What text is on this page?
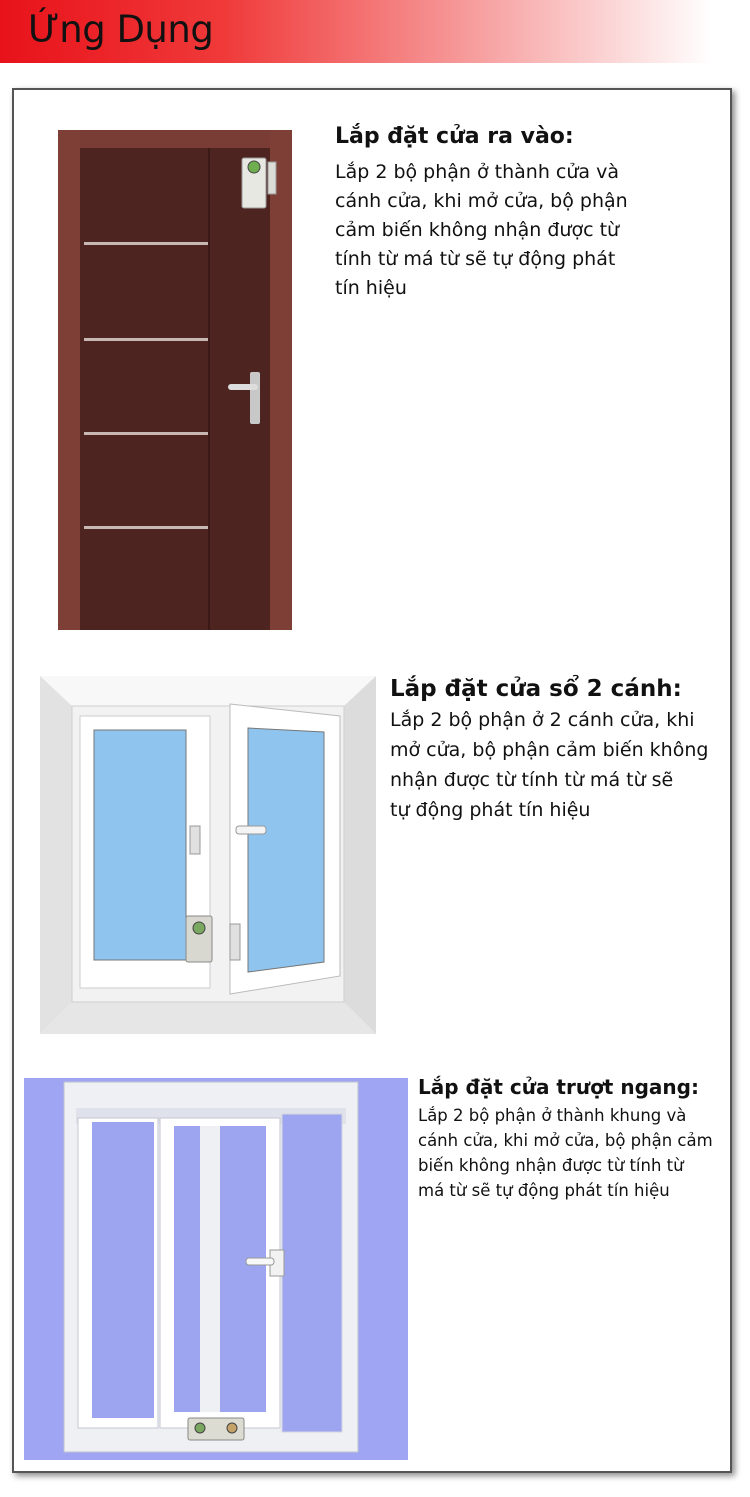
Ứng Dụng
Lắp đặt cửa ra vào:
Lắp 2 bộ phận ở thành cửa và
cánh cửa, khi mở cửa, bộ phận
cảm biến không nhận được từ
tính từ má từ sẽ tự động phát
tín hiệu
Lắp đặt cửa sổ 2 cánh:
Lắp 2 bộ phận ở 2 cánh cửa, khi
mở cửa, bộ phận cảm biến không
nhận được từ tính từ má từ sẽ
tự động phát tín hiệu
Lắp đặt cửa trượt ngang:
Lắp 2 bộ phận ở thành khung và
cánh cửa, khi mở cửa, bộ phận cảm
biến không nhận được từ tính từ
má từ sẽ tự động phát tín hiệu
